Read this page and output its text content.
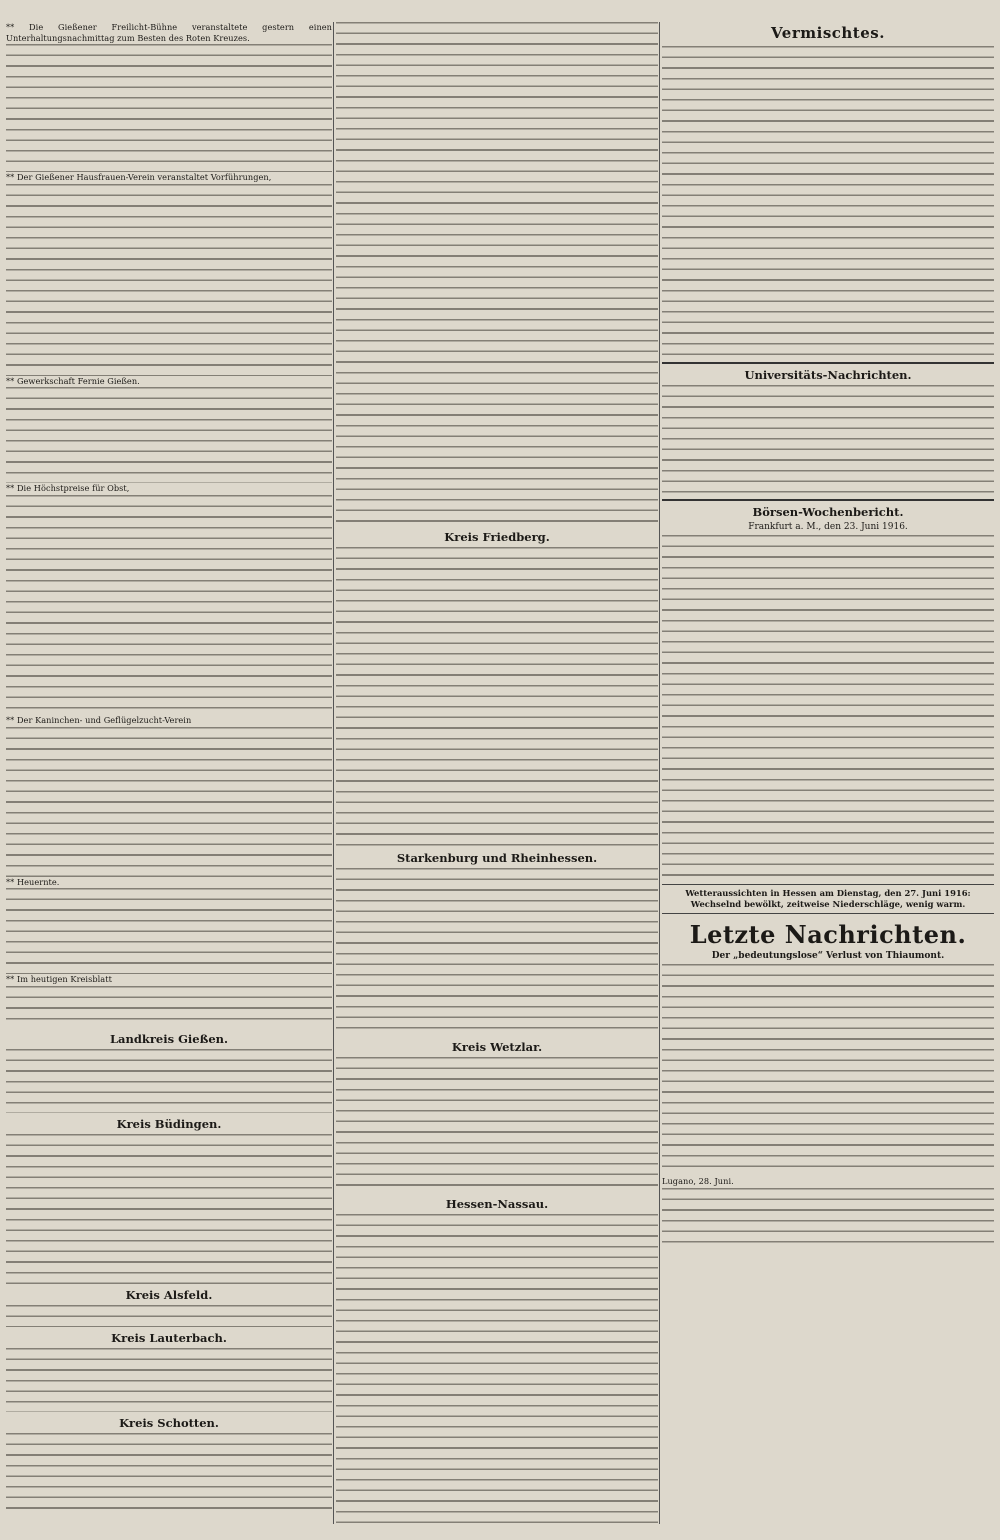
** Die Gießener Freilicht-Bühne veranstaltete gestern einen Unterhaltungsnachmittag zum Besten des Roten Kreuzes.

** Der Gießener Hausfrauen-Verein veranstaltet Vorführungen,

** Gewerkschaft Fernie Gießen.

** Die Höchstpreise für Obst,

** Der Kaninchen- und Geflügelzucht-Verein

** Heuernte.

** Im heutigen Kreisblatt

Landkreis Gießen.
Kreis Büdingen.
Kreis Alsfeld.
Kreis Lauterbach.
Kreis Schotten.
Kreis Friedberg.
Starkenburg und Rheinhessen.
Kreis Wetzlar.
Hessen-Nassau.
Vermischtes.
Universitäts-Nachrichten.
Börsen-Wochenbericht.
Frankfurt a. M., den 23. Juni 1916.
Wetteraussichten in Hessen am Dienstag, den 27. Juni 1916: Wechselnd bewölkt, zeitweise Niederschläge, wenig warm.
Letzte Nachrichten.
Der „bedeutungslose“ Verlust von Thiaumont.

Lugano, 28. Juni.
